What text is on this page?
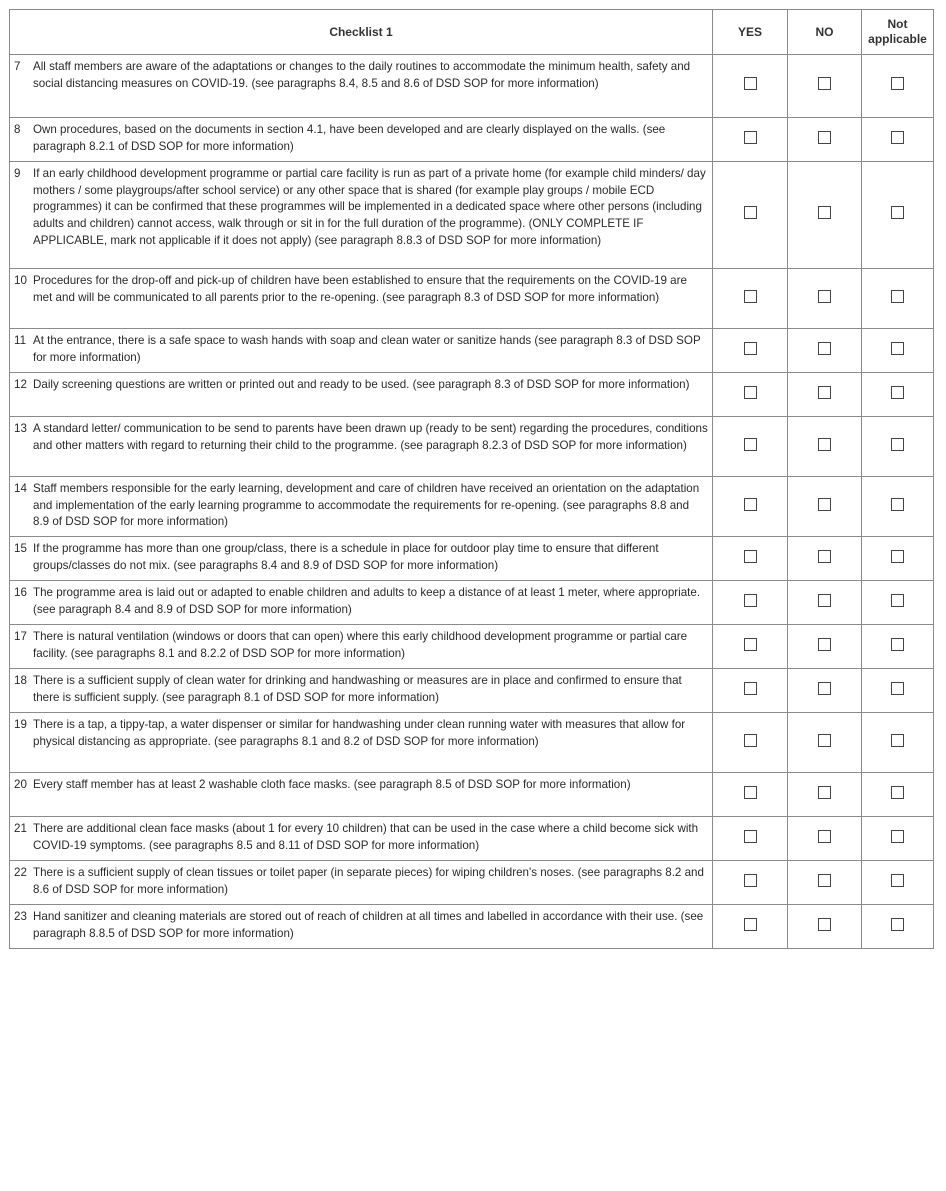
Checklist 1	YES	NO	Not applicable

7 All staff members are aware of the adaptations or changes to the daily routines to accommodate the minimum health, safety and social distancing measures on COVID-19. (see paragraphs 8.4, 8.5 and 8.6 of DSD SOP for more information)			

8 Own procedures, based on the documents in section 4.1, have been developed and are clearly displayed on the walls. (see paragraph 8.2.1 of DSD SOP for more information)			

9 If an early childhood development programme or partial care facility is run as part of a private home (for example child minders/ day mothers / some playgroups/after school service) or any other space that is shared (for example play groups / mobile ECD programmes) it can be confirmed that these programmes will be implemented in a dedicated space where other persons (including adults and children) cannot access, walk through or sit in for the full duration of the programme). (ONLY COMPLETE IF APPLICABLE, mark not applicable if it does not apply) (see paragraph 8.8.3 of DSD SOP for more information)			

10 Procedures for the drop-off and pick-up of children have been established to ensure that the requirements on the COVID-19 are met and will be communicated to all parents prior to the re-opening. (see paragraph 8.3 of DSD SOP for more information)			

11 At the entrance, there is a safe space to wash hands with soap and clean water or sanitize hands (see paragraph 8.3 of DSD SOP for more information)			

12 Daily screening questions are written or printed out and ready to be used. (see paragraph 8.3 of DSD SOP for more information)			

13 A standard letter/ communication to be send to parents have been drawn up (ready to be sent) regarding the procedures, conditions and other matters with regard to returning their child to the programme. (see paragraph 8.2.3 of DSD SOP for more information)			

14 Staff members responsible for the early learning, development and care of children have received an orientation on the adaptation and implementation of the early learning programme to accommodate the requirements for re-opening. (see paragraphs 8.8 and 8.9 of DSD SOP for more information)			

15 If the programme has more than one group/class, there is a schedule in place for outdoor play time to ensure that different groups/classes do not mix. (see paragraphs 8.4 and 8.9 of DSD SOP for more information)			

16 The programme area is laid out or adapted to enable children and adults to keep a distance of at least 1 meter, where appropriate. (see paragraph 8.4 and 8.9 of DSD SOP for more information)			

17 There is natural ventilation (windows or doors that can open) where this early childhood development programme or partial care facility. (see paragraphs 8.1 and 8.2.2 of DSD SOP for more information)			

18 There is a sufficient supply of clean water for drinking and handwashing or measures are in place and confirmed to ensure that there is sufficient supply. (see paragraph 8.1 of DSD SOP for more information)			

19 There is a tap, a tippy-tap, a water dispenser or similar for handwashing under clean running water with measures that allow for physical distancing as appropriate. (see paragraphs 8.1 and 8.2 of DSD SOP for more information)			

20 Every staff member has at least 2 washable cloth face masks. (see paragraph 8.5 of DSD SOP for more information)			

21 There are additional clean face masks (about 1 for every 10 children) that can be used in the case where a child become sick with COVID-19 symptoms. (see paragraphs 8.5 and 8.11 of DSD SOP for more information)			

22 There is a sufficient supply of clean tissues or toilet paper (in separate pieces) for wiping children's noses. (see paragraphs 8.2 and 8.6 of DSD SOP for more information)			

23 Hand sanitizer and cleaning materials are stored out of reach of children at all times and labelled in accordance with their use. (see paragraph 8.8.5 of DSD SOP for more information)			
